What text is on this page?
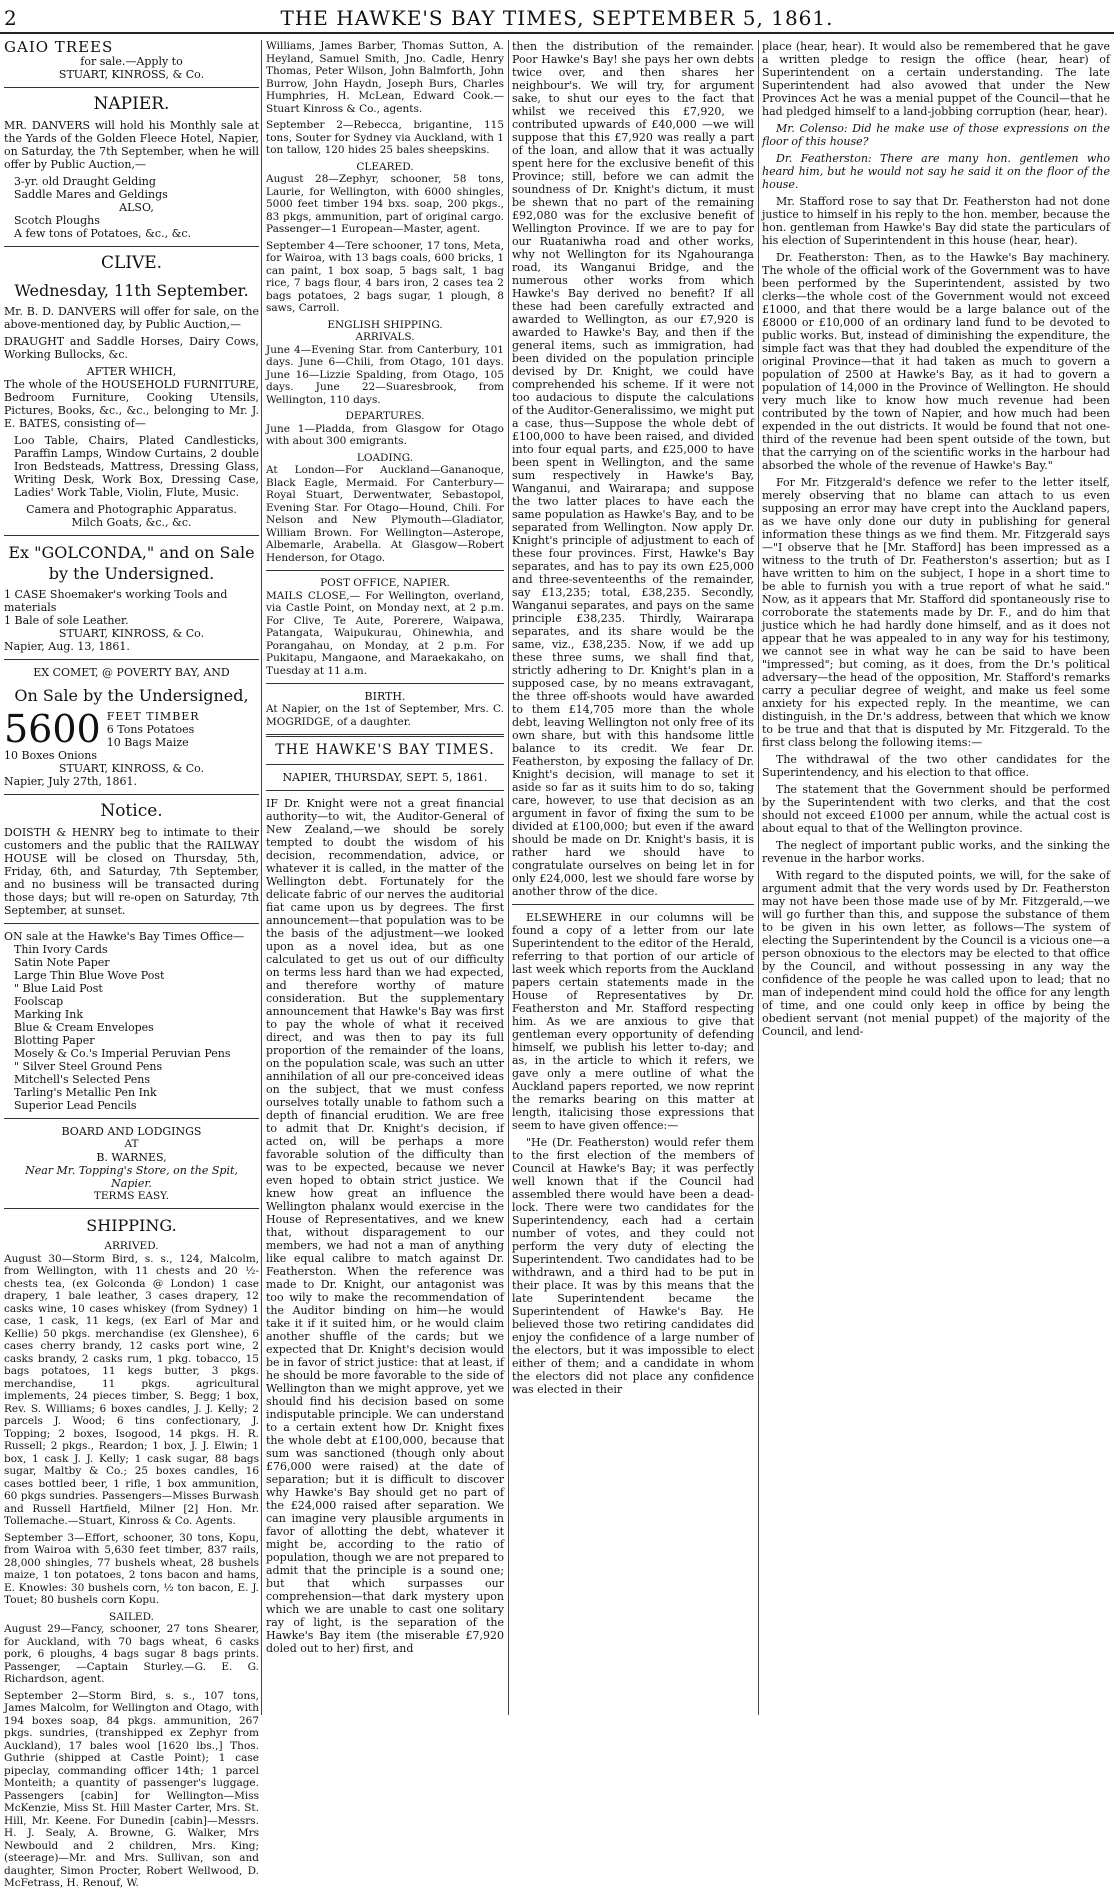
2	THE HAWKE'S BAY TIMES, SEPTEMBER 5, 1861.
GAIO TREES
for sale.—Apply to
STUART, KINROSS, & Co.
NAPIER.

MR. DANVERS will hold his Monthly sale at the Yards of the Golden Fleece Hotel, Napier, on Saturday, the 7th September, when he will offer by Public Auction,—

3-yr. old Draught Gelding
Saddle Mares and Geldings
ALSO,
Scotch Ploughs
A few tons of Potatoes, &c., &c.
CLIVE.
Wednesday, 11th September.

Mr. B. D. DANVERS will offer for sale, on the above-mentioned day, by Public Auction,—

DRAUGHT and Saddle Horses, Dairy Cows, Working Bullocks, &c.

AFTER WHICH,

The whole of the HOUSEHOLD FURNITURE, Bedroom Furniture, Cooking Utensils, Pictures, Books, &c., &c., belonging to Mr. J. E. BATES, consisting of—

Loo Table, Chairs, Plated Candlesticks, Paraffin Lamps, Window Curtains, 2 double Iron Bedsteads, Mattress, Dressing Glass, Writing Desk, Work Box, Dressing Case, Ladies' Work Table, Violin, Flute, Music.

Camera and Photographic Apparatus.
Milch Goats, &c., &c.
Ex "GOLCONDA," and on Sale by the Undersigned.
1 CASE Shoemaker's working Tools and materials
1 Bale of sole Leather.
STUART, KINROSS, & Co.
Napier, Aug. 13, 1861.
EX COMET, @ POVERTY BAY, AND
On Sale by the Undersigned,
5600 FEET TIMBER
6 Tons Potatoes
10 Bags Maize
10 Boxes Onions
STUART, KINROSS, & Co.
Napier, July 27th, 1861.
Notice.

DOISTH & HENRY beg to intimate to their customers and the public that the RAILWAY HOUSE will be closed on Thursday, 5th, Friday, 6th, and Saturday, 7th September, and no business will be transacted during those days; but will re-open on Saturday, 7th September, at sunset.

ON sale at the Hawke's Bay Times Office—
Thin Ivory Cards
Satin Note Paper
Large Thin Blue Wove Post
" Blue Laid Post
Foolscap
Marking Ink
Blue & Cream Envelopes
Blotting Paper
Mosely & Co.'s Imperial Peruvian Pens
" Silver Steel Ground Pens
Mitchell's Selected Pens
Tarling's Metallic Pen Ink
Superior Lead Pencils
BOARD AND LODGINGS
AT
B. WARNES,
Near Mr. Topping's Store, on the Spit, Napier.
TERMS EASY.
SHIPPING.
ARRIVED.

August 30—Storm Bird, s. s., 124, Malcolm, from Wellington, with 11 chests and 20 ½-chests tea, (ex Golconda @ London) 1 case drapery, 1 bale leather, 3 cases drapery, 12 casks wine, 10 cases whiskey (from Sydney) 1 case, 1 cask, 11 kegs, (ex Earl of Mar and Kellie) 50 pkgs. merchandise (ex Glenshee), 6 cases cherry brandy, 12 casks port wine, 2 casks brandy, 2 casks rum, 1 pkg. tobacco, 15 bags potatoes, 11 kegs butter, 3 pkgs. merchandise, 11 pkgs. agricultural implements, 24 pieces timber, S. Begg; 1 box, Rev. S. Williams; 6 boxes candles, J. J. Kelly; 2 parcels J. Wood; 6 tins confectionary, J. Topping; 2 boxes, Isogood, 14 pkgs. H. R. Russell; 2 pkgs., Reardon; 1 box, J. J. Elwin; 1 box, 1 cask J. J. Kelly; 1 cask sugar, 88 bags sugar, Maltby & Co.; 25 boxes candles, 16 cases bottled beer, 1 rifle, 1 box ammunition, 60 pkgs sundries. Passengers—Misses Burwash and Russell Hartfield, Milner [2] Hon. Mr. Tollemache.—Stuart, Kinross & Co. Agents.

September 3—Effort, schooner, 30 tons, Kopu, from Wairoa with 5,630 feet timber, 837 rails, 28,000 shingles, 77 bushels wheat, 28 bushels maize, 1 ton potatoes, 2 tons bacon and hams, E. Knowles: 30 bushels corn, ½ ton bacon, E. J. Touet; 80 bushels corn Kopu.

SAILED.

August 29—Fancy, schooner, 27 tons Shearer, for Auckland, with 70 bags wheat, 6 casks pork, 6 ploughs, 4 bags sugar 8 bags prints. Passenger, —Captain Sturley.—G. E. G. Richardson, agent.

September 2—Storm Bird, s. s., 107 tons, James Malcolm, for Wellington and Otago, with 194 boxes soap, 84 pkgs. ammunition, 267 pkgs. sundries, (transhipped ex Zephyr from Auckland), 17 bales wool [1620 lbs.,] Thos. Guthrie (shipped at Castle Point); 1 case pipeclay, commanding officer 14th; 1 parcel Monteith; a quantity of passenger's luggage. Passengers [cabin] for Wellington—Miss McKenzie, Miss St. Hill Master Carter, Mrs. St. Hill, Mr. Keene. For Dunedin [cabin]—Messrs. H. J. Sealy, A. Browne, G. Walker, Mrs Newbould and 2 children, Mrs. King; (steerage)—Mr. and Mrs. Sullivan, son and daughter, Simon Procter, Robert Wellwood, D. McFetrass, H. Renouf, W.

Williams, James Barber, Thomas Sutton, A. Heyland, Samuel Smith, Jno. Cadle, Henry Thomas, Peter Wilson, John Balmforth, John Burrow, John Haydn, Joseph Burs, Charles Humphries, H. McLean, Edward Cook.—Stuart Kinross & Co., agents.

September 2—Rebecca, brigantine, 115 tons, Souter for Sydney via Auckland, with 1 ton tallow, 120 hides 25 bales sheepskins.

CLEARED.

August 28—Zephyr, schooner, 58 tons, Laurie, for Wellington, with 6000 shingles, 5000 feet timber 194 bxs. soap, 200 pkgs., 83 pkgs, ammunition, part of original cargo. Passenger—1 European—Master, agent.

September 4—Tere schooner, 17 tons, Meta, for Wairoa, with 13 bags coals, 600 bricks, 1 can paint, 1 box soap, 5 bags salt, 1 bag rice, 7 bags flour, 4 bars iron, 2 cases tea 2 bags potatoes, 2 bags sugar, 1 plough, 8 saws, Carroll.

ENGLISH SHIPPING.
ARRIVALS.

June 4—Evening Star. from Canterbury, 101 days. June 6—Chili, from Otago, 101 days. June 16—Lizzie Spalding, from Otago, 105 days. June 22—Suaresbrook, from Wellington, 110 days.

DEPARTURES.

June 1—Pladda, from Glasgow for Otago with about 300 emigrants.

LOADING.

At London—For Auckland—Gananoque, Black Eagle, Mermaid. For Canterbury—Royal Stuart, Derwentwater, Sebastopol, Evening Star. For Otago—Hound, Chili. For Nelson and New Plymouth—Gladiator, William Brown. For Wellington—Asterope, Albemarle, Arabella. At Glasgow—Robert Henderson, for Otago.

POST OFFICE, NAPIER.

MAILS CLOSE,— For Wellington, overland, via Castle Point, on Monday next, at 2 p.m. For Clive, Te Aute, Porerere, Waipawa, Patangata, Waipukurau, Ohinewhia, and Porangahau, on Monday, at 2 p.m. For Pukitapu, Mangaone, and Maraekakaho, on Tuesday at 11 a.m.

BIRTH.

At Napier, on the 1st of September, Mrs. C. MOGRIDGE, of a daughter.

THE HAWKE'S BAY TIMES.
NAPIER, THURSDAY, SEPT. 5, 1861.

IF Dr. Knight were not a great financial authority—to wit, the Auditor-General of New Zealand,—we should be sorely tempted to doubt the wisdom of his decision, recommendation, advice, or whatever it is called, in the matter of the Wellington debt. Fortunately for the delicate fabric of our nerves the auditorial fiat came upon us by degrees. The first announcement—that population was to be the basis of the adjustment—we looked upon as a novel idea, but as one calculated to get us out of our difficulty on terms less hard than we had expected, and therefore worthy of mature consideration. But the supplementary announcement that Hawke's Bay was first to pay the whole of what it received direct, and was then to pay its full proportion of the remainder of the loans, on the population scale, was such an utter annihilation of all our pre-conceived ideas on the subject, that we must confess ourselves totally unable to fathom such a depth of financial erudition. We are free to admit that Dr. Knight's decision, if acted on, will be perhaps a more favorable solution of the difficulty than was to be expected, because we never even hoped to obtain strict justice. We knew how great an influence the Wellington phalanx would exercise in the House of Representatives, and we knew that, without disparagement to our members, we had not a man of anything like equal calibre to match against Dr. Featherston. When the reference was made to Dr. Knight, our antagonist was too wily to make the recommendation of the Auditor binding on him—he would take it if it suited him, or he would claim another shuffle of the cards; but we expected that Dr. Knight's decision would be in favor of strict justice: that at least, if he should be more favorable to the side of Wellington than we might approve, yet we should find his decision based on some indisputable principle. We can understand to a certain extent how Dr. Knight fixes the whole debt at £100,000, because that sum was sanctioned (though only about £76,000 were raised) at the date of separation; but it is difficult to discover why Hawke's Bay should get no part of the £24,000 raised after separation. We can imagine very plausible arguments in favor of allotting the debt, whatever it might be, according to the ratio of population, though we are not prepared to admit that the principle is a sound one; but that which surpasses our comprehension—that dark mystery upon which we are unable to cast one solitary ray of light, is the separation of the Hawke's Bay item (the miserable £7,920 doled out to her) first, and

then the distribution of the remainder. Poor Hawke's Bay! she pays her own debts twice over, and then shares her neighbour's. We will try, for argument sake, to shut our eyes to the fact that whilst we received this £7,920, we contributed upwards of £40,000 —we will suppose that this £7,920 was really a part of the loan, and allow that it was actually spent here for the exclusive benefit of this Province; still, before we can admit the soundness of Dr. Knight's dictum, it must be shewn that no part of the remaining £92,080 was for the exclusive benefit of Wellington Province. If we are to pay for our Ruataniwha road and other works, why not Wellington for its Ngahouranga road, its Wanganui Bridge, and the numerous other works from which Hawke's Bay derived no benefit? If all these had been carefully extracted and awarded to Wellington, as our £7,920 is awarded to Hawke's Bay, and then if the general items, such as immigration, had been divided on the population principle devised by Dr. Knight, we could have comprehended his scheme. If it were not too audacious to dispute the calculations of the Auditor-Generalissimo, we might put a case, thus—Suppose the whole debt of £100,000 to have been raised, and divided into four equal parts, and £25,000 to have been spent in Wellington, and the same sum respectively in Hawke's Bay, Wanganui, and Wairarapa; and suppose the two latter places to have each the same population as Hawke's Bay, and to be separated from Wellington. Now apply Dr. Knight's principle of adjustment to each of these four provinces. First, Hawke's Bay separates, and has to pay its own £25,000 and three-seventeenths of the remainder, say £13,235; total, £38,235. Secondly, Wanganui separates, and pays on the same principle £38,235. Thirdly, Wairarapa separates, and its share would be the same, viz., £38,235. Now, if we add up these three sums, we shall find that, strictly adhering to Dr. Knight's plan in a supposed case, by no means extravagant, the three off-shoots would have awarded to them £14,705 more than the whole debt, leaving Wellington not only free of its own share, but with this handsome little balance to its credit. We fear Dr. Featherston, by exposing the fallacy of Dr. Knight's decision, will manage to set it aside so far as it suits him to do so, taking care, however, to use that decision as an argument in favor of fixing the sum to be divided at £100,000; but even if the award should be made on Dr. Knight's basis, it is rather hard we should have to congratulate ourselves on being let in for only £24,000, lest we should fare worse by another throw of the dice.

ELSEWHERE in our columns will be found a copy of a letter from our late Superintendent to the editor of the Herald, referring to that portion of our article of last week which reports from the Auckland papers certain statements made in the House of Representatives by Dr. Featherston and Mr. Stafford respecting him. As we are anxious to give that gentleman every opportunity of defending himself, we publish his letter to-day; and as, in the article to which it refers, we gave only a mere outline of what the Auckland papers reported, we now reprint the remarks bearing on this matter at length, italicising those expressions that seem to have given offence:—

"He (Dr. Featherston) would refer them to the first election of the members of Council at Hawke's Bay; it was perfectly well known that if the Council had assembled there would have been a dead-lock. There were two candidates for the Superintendency, each had a certain number of votes, and they could not perform the very duty of electing the Superintendent. Two candidates had to be withdrawn, and a third had to be put in their place. It was by this means that the late Superintendent became the Superintendent of Hawke's Bay. He believed those two retiring candidates did enjoy the confidence of a large number of the electors, but it was impossible to elect either of them; and a candidate in whom the electors did not place any confidence was elected in their

place (hear, hear). It would also be remembered that he gave a written pledge to resign the office (hear, hear) of Superintendent on a certain understanding. The late Superintendent had also avowed that under the New Provinces Act he was a menial puppet of the Council—that he had pledged himself to a land-jobbing corruption (hear, hear).

Mr. Colenso: Did he make use of those expressions on the floor of this house?

Dr. Featherston: There are many hon. gentlemen who heard him, but he would not say he said it on the floor of the house.

Mr. Stafford rose to say that Dr. Featherston had not done justice to himself in his reply to the hon. member, because the hon. gentleman from Hawke's Bay did state the particulars of his election of Superintendent in this house (hear, hear).

Dr. Featherston: Then, as to the Hawke's Bay machinery. The whole of the official work of the Government was to have been performed by the Superintendent, assisted by two clerks—the whole cost of the Government would not exceed £1000, and that there would be a large balance out of the £8000 or £10,000 of an ordinary land fund to be devoted to public works. But, instead of diminishing the expenditure, the simple fact was that they had doubled the expenditure of the original Province—that it had taken as much to govern a population of 2500 at Hawke's Bay, as it had to govern a population of 14,000 in the Province of Wellington. He should very much like to know how much revenue had been contributed by the town of Napier, and how much had been expended in the out districts. It would be found that not one-third of the revenue had been spent outside of the town, but that the carrying on of the scientific works in the harbour had absorbed the whole of the revenue of Hawke's Bay."

For Mr. Fitzgerald's defence we refer to the letter itself, merely observing that no blame can attach to us even supposing an error may have crept into the Auckland papers, as we have only done our duty in publishing for general information these things as we find them. Mr. Fitzgerald says—"I observe that he [Mr. Stafford] has been impressed as a witness to the truth of Dr. Featherston's assertion; but as I have written to him on the subject, I hope in a short time to be able to furnish you with a true report of what he said." Now, as it appears that Mr. Stafford did spontaneously rise to corroborate the statements made by Dr. F., and do him that justice which he had hardly done himself, and as it does not appear that he was appealed to in any way for his testimony, we cannot see in what way he can be said to have been "impressed"; but coming, as it does, from the Dr.'s political adversary—the head of the opposition, Mr. Stafford's remarks carry a peculiar degree of weight, and make us feel some anxiety for his expected reply. In the meantime, we can distinguish, in the Dr.'s address, between that which we know to be true and that that is disputed by Mr. Fitzgerald. To the first class belong the following items:—

The withdrawal of the two other candidates for the Superintendency, and his election to that office.

The statement that the Government should be performed by the Superintendent with two clerks, and that the cost should not exceed £1000 per annum, while the actual cost is about equal to that of the Wellington province.

The neglect of important public works, and the sinking the revenue in the harbor works.

With regard to the disputed points, we will, for the sake of argument admit that the very words used by Dr. Featherston may not have been those made use of by Mr. Fitzgerald,—we will go further than this, and suppose the substance of them to be given in his own letter, as follows—The system of electing the Superintendent by the Council is a vicious one—a person obnoxious to the electors may be elected to that office by the Council, and without possessing in any way the confidence of the people he was called upon to lead; that no man of independent mind could hold the office for any length of time, and one could only keep in office by being the obedient servant (not menial puppet) of the majority of the Council, and lend-
